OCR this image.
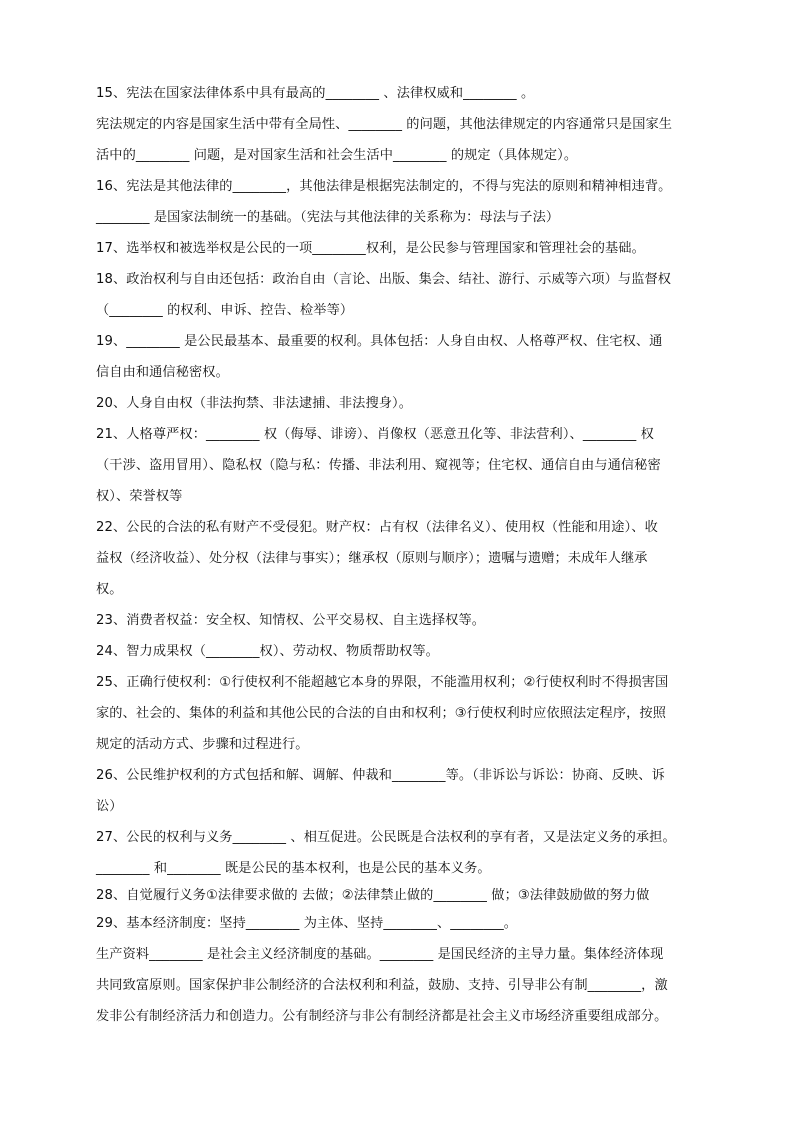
15、宪法在国家法律体系中具有最高的________ 、法律权威和________ 。
宪法规定的内容是国家生活中带有全局性、________ 的问题，其他法律规定的内容通常只是国家生
活中的________ 问题，是对国家生活和社会生活中________ 的规定（具体规定）。
16、宪法是其他法律的________，其他法律是根据宪法制定的，不得与宪法的原则和精神相违背。
________ 是国家法制统一的基础。（宪法与其他法律的关系称为：母法与子法）
17、选举权和被选举权是公民的一项________权利，是公民参与管理国家和管理社会的基础。
18、政治权利与自由还包括：政治自由（言论、出版、集会、结社、游行、示威等六项）与监督权
（________ 的权利、申诉、控告、检举等）
19、________ 是公民最基本、最重要的权利。具体包括：人身自由权、人格尊严权、住宅权、通
信自由和通信秘密权。
20、人身自由权（非法拘禁、非法逮捕、非法搜身）。
21、人格尊严权：________ 权（侮辱、诽谤）、肖像权（恶意丑化等、非法营利）、________ 权
（干涉、盗用冒用）、隐私权（隐与私：传播、非法利用、窥视等；住宅权、通信自由与通信秘密
权）、荣誉权等
22、公民的合法的私有财产不受侵犯。财产权：占有权（法律名义）、使用权（性能和用途）、收
益权（经济收益）、处分权（法律与事实）；继承权（原则与顺序）；遗嘱与遗赠；未成年人继承
权。
23、消费者权益：安全权、知情权、公平交易权、自主选择权等。
24、智力成果权（________权）、劳动权、物质帮助权等。
25、正确行使权利：①行使权利不能超越它本身的界限，不能滥用权利；②行使权利时不得损害国
家的、社会的、集体的利益和其他公民的合法的自由和权利；③行使权利时应依照法定程序，按照
规定的活动方式、步骤和过程进行。
26、公民维护权利的方式包括和解、调解、仲裁和________等。（非诉讼与诉讼：协商、反映、诉
讼）
27、公民的权利与义务________ 、相互促进。公民既是合法权利的享有者，又是法定义务的承担。
________ 和________ 既是公民的基本权利，也是公民的基本义务。
28、自觉履行义务①法律要求做的 去做；②法律禁止做的________ 做；③法律鼓励做的努力做
29、基本经济制度：坚持________ 为主体、坚持________、________。
生产资料________ 是社会主义经济制度的基础。________ 是国民经济的主导力量。集体经济体现
共同致富原则。国家保护非公制经济的合法权利和利益，鼓励、支持、引导非公有制________，激
发非公有制经济活力和创造力。公有制经济与非公有制经济都是社会主义市场经济重要组成部分。
